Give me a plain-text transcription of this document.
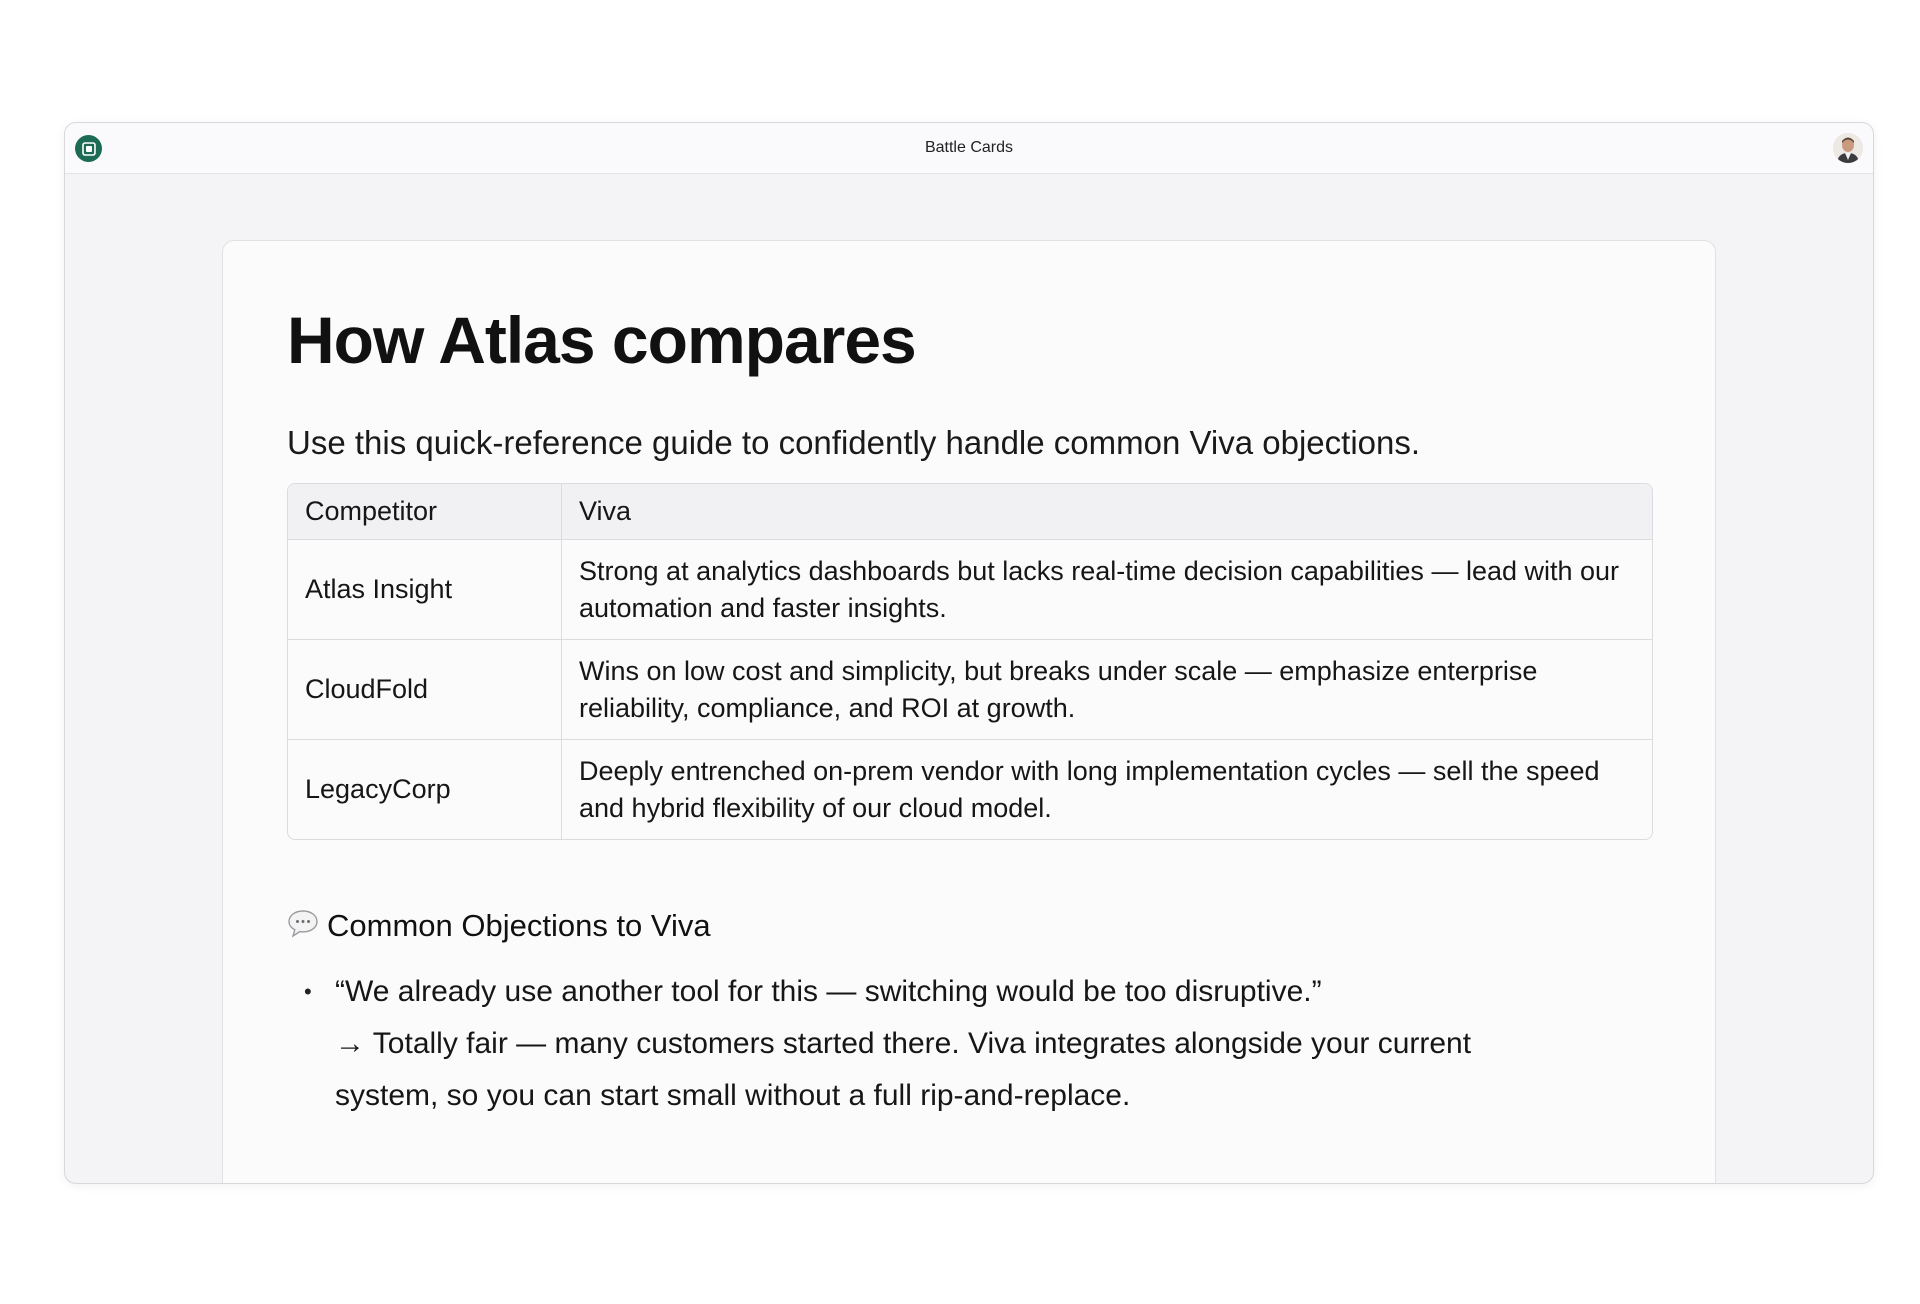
Battle Cards
How Atlas compares
Use this quick-reference guide to confidently handle common Viva objections.
Competitor	Viva
Atlas Insight
Strong at analytics dashboards but lacks real-time decision capabilities — lead with our automation and faster insights.
CloudFold
Wins on low cost and simplicity, but breaks under scale — emphasize enterprise reliability, compliance, and ROI at growth.
LegacyCorp
Deeply entrenched on-prem vendor with long implementation cycles — sell the speed and hybrid flexibility of our cloud model.
Common Objections to Viva
• “We already use another tool for this — switching would be too disruptive.”
→ Totally fair — many customers started there. Viva integrates alongside your current system, so you can start small without a full rip-and-replace.
